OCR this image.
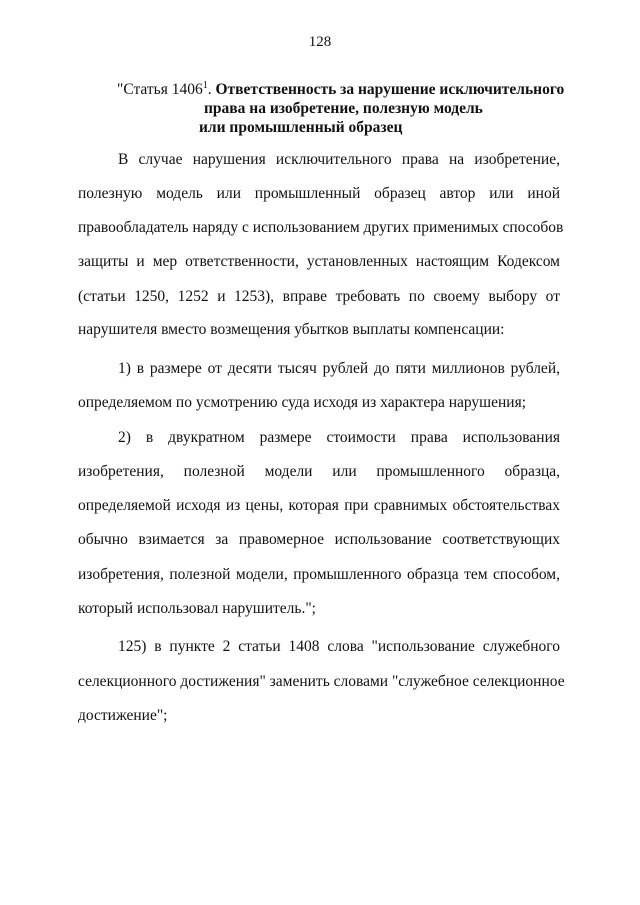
128
"Статья 1406$^1$. Ответственность за нарушение исключительного
права на изобретение, полезную модель
или промышленный образец
В случае нарушения исключительного права на изобретение,
полезную модель или промышленный образец автор или иной
правообладатель наряду с использованием других применимых способов
защиты и мер ответственности, установленных настоящим Кодексом
(статьи 1250, 1252 и 1253), вправе требовать по своему выбору от
нарушителя вместо возмещения убытков выплаты компенсации:
1) в размере от десяти тысяч рублей до пяти миллионов рублей,
определяемом по усмотрению суда исходя из характера нарушения;
2) в двукратном размере стоимости права использования
изобретения, полезной модели или промышленного образца,
определяемой исходя из цены, которая при сравнимых обстоятельствах
обычно взимается за правомерное использование соответствующих
изобретения, полезной модели, промышленного образца тем способом,
который использовал нарушитель.";
125) в пункте 2 статьи 1408 слова "использование служебного
селекционного достижения" заменить словами "служебное селекционное
достижение";
